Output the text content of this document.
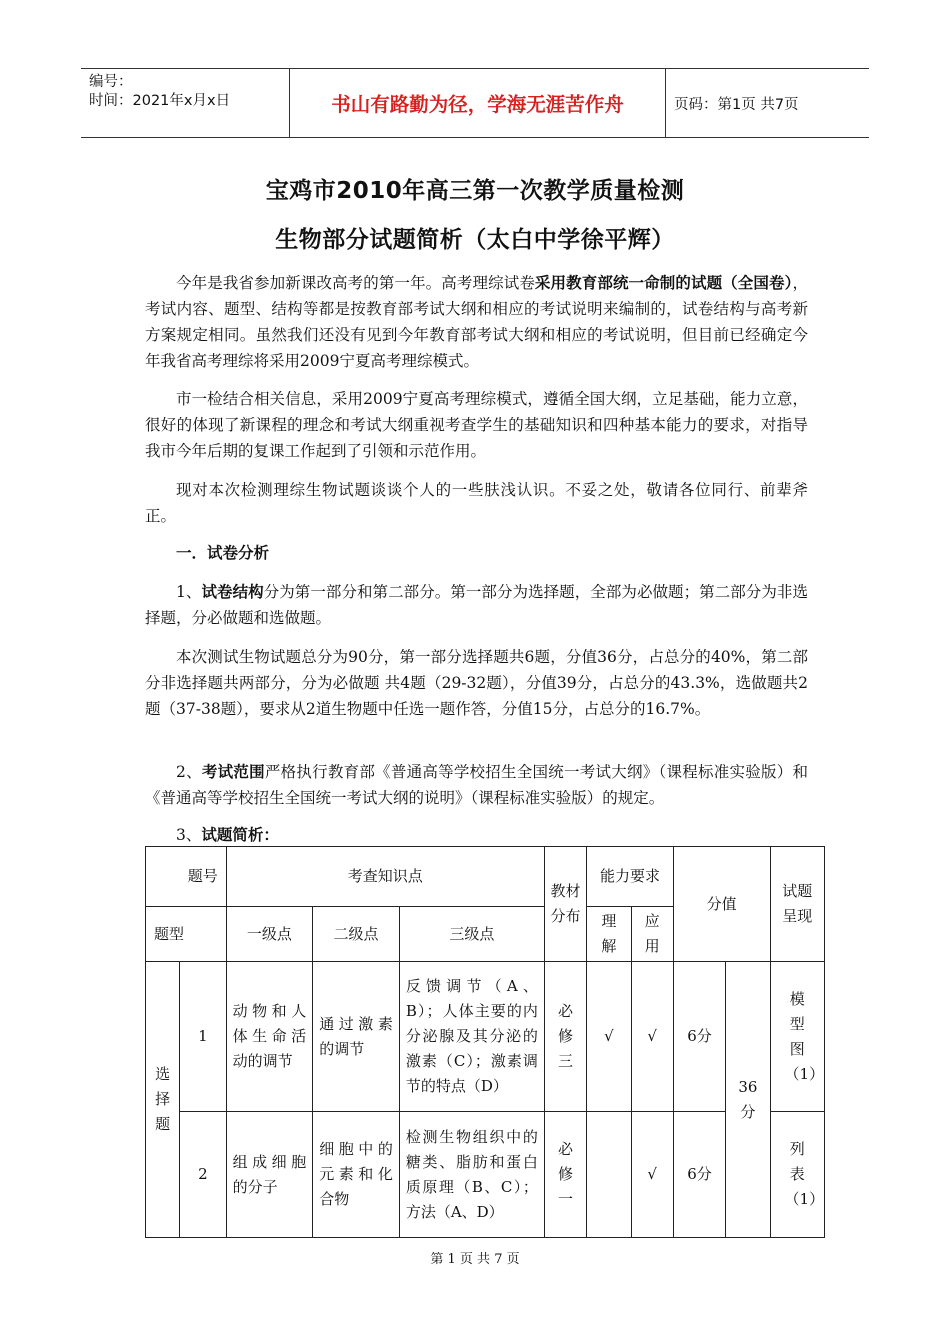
编号：
时间：2021年x月x日	书山有路勤为径，学海无涯苦作舟	页码：第1页 共7页
宝鸡市2010年高三第一次教学质量检测
生物部分试题简析（太白中学徐平辉）

今年是我省参加新课改高考的第一年。高考理综试卷采用教育部统一命制的试题（全国卷），考试内容、题型、结构等都是按教育部考试大纲和相应的考试说明来编制的，试卷结构与高考新方案规定相同。虽然我们还没有见到今年教育部考试大纲和相应的考试说明，但目前已经确定今年我省高考理综将采用2009宁夏高考理综模式。

市一检结合相关信息，采用2009宁夏高考理综模式，遵循全国大纲，立足基础，能力立意，很好的体现了新课程的理念和考试大纲重视考查学生的基础知识和四种基本能力的要求，对指导我市今年后期的复课工作起到了引领和示范作用。

现对本次检测理综生物试题谈谈个人的一些肤浅认识。不妥之处，敬请各位同行、前辈斧正。

一．试卷分析

1、试卷结构分为第一部分和第二部分。第一部分为选择题，全部为必做题；第二部分为非选择题，分必做题和选做题。

本次测试生物试题总分为90分，第一部分选择题共6题，分值36分，占总分的40%，第二部分非选择题共两部分，分为必做题 共4题（29-32题），分值39分，占总分的43.3%，选做题共2题（37-38题），要求从2道生物题中任选一题作答，分值15分，占总分的16.7%。

2、考试范围严格执行教育部《普通高等学校招生全国统一考试大纲》（课程标准实验版）和《普通高等学校招生全国统一考试大纲的说明》（课程标准实验版）的规定。

3、试题简析：

题号		考查知识点			教材分布	能力要求		分值		试题呈现
题型		一级点	二级点	三级点		理解	应用			
选择题	1	动物和人体生命活动的调节	通过激素的调节	反馈调节（A、B）；人体主要的内分泌腺及其分泌的激素（C）；激素调节的特点（D）	必修三	√	√	6分	36分	模型图（1）
	2	组成细胞的分子	细胞中的元素和化合物	检测生物组织中的糖类、脂肪和蛋白质原理（B、C）；方法（A、D）	必修一		√	6分		列表（1）
第 1 页 共 7 页
